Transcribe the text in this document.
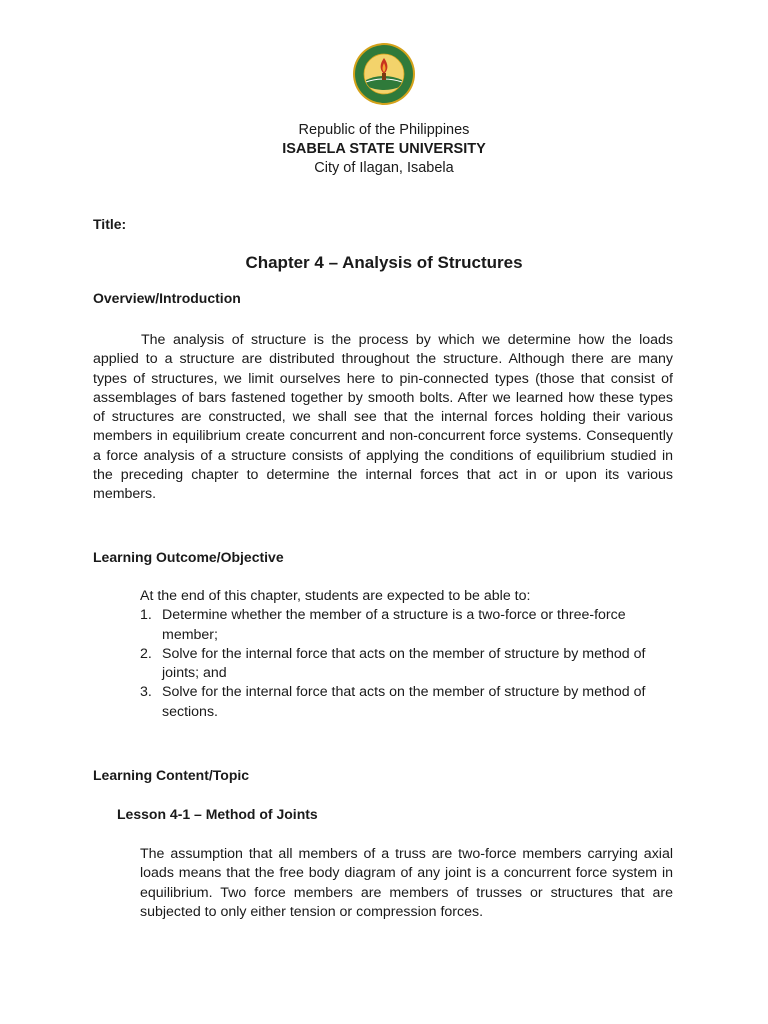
Republic of the Philippines
ISABELA STATE UNIVERSITY
City of Ilagan, Isabela
Title:
Chapter 4 – Analysis of Structures
Overview/Introduction
The analysis of structure is the process by which we determine how the loads applied to a structure are distributed throughout the structure. Although there are many types of structures, we limit ourselves here to pin-connected types (those that consist of assemblages of bars fastened together by smooth bolts. After we learned how these types of structures are constructed, we shall see that the internal forces holding their various members in equilibrium create concurrent and non-concurrent force systems. Consequently a force analysis of a structure consists of applying the conditions of equilibrium studied in the preceding chapter to determine the internal forces that act in or upon its various members.
Learning Outcome/Objective

At the end of this chapter, students are expected to be able to:

1. Determine whether the member of a structure is a two-force or three-force member;
2. Solve for the internal force that acts on the member of structure by method of joints; and
3. Solve for the internal force that acts on the member of structure by method of sections.
Learning Content/Topic
Lesson 4-1 – Method of Joints
The assumption that all members of a truss are two-force members carrying axial loads means that the free body diagram of any joint is a concurrent force system in equilibrium. Two force members are members of trusses or structures that are subjected to only either tension or compression forces.
